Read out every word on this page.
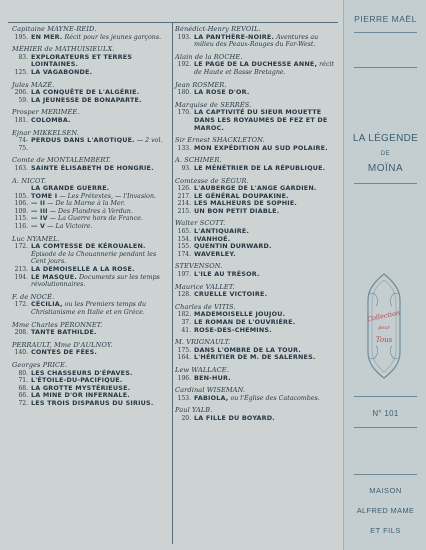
Capitaine MAYNE-REID.
195. EN MER. Récit pour les jeunes garçons.
MÉHIER de MATHUISIEULX.
83. EXPLORATEURS ET TERRES LOINTAINES.
125. LA VAGABONDE.
Jules MAZÉ.
206. LA CONQUÊTE DE L'ALGÉRIE.
59. LA JEUNESSE DE BONAPARTE.
Prosper MERIMÉE.
181. COLOMBA.
Ejnar MIKKELSEN.
74-75.
PERDUS DANS L'AROTIQUE. — 2 vol.
Comte de MONTALEMBERT.
163. SAINTE ÉLISABETH DE HONGRIE.
A. NICOT.
LA GRANDE GUERRE.
105. TOME I — Les Prétextes, — l'Invasion.
106. — II — De la Marne à la Mer.
109. — III — Des Flandres à Verdun.
115. — IV — La Guerre hors de France.
116. — V — La Victoire.
Luc NYAMEL.
172. LA COMTESSE DE KÉROUALEN. Épisode de la Chouannerie pendant les Cent jours.
213. LA DEMOISELLE A LA ROSE.
194. LE MASQUE. Documents sur les temps révolutionnaires.
F. de NOCÉ.
172. CÉCILIA, ou les Premiers temps du Christianisme en Italie et en Grèce.
Mme Charles PÉRONNET.
208. TANTE BATHILDE.
PERRAULT, Mme D'AULNOY.
140. CONTES DE FÉES.
Georges PRICE.
80. LES CHASSEURS D'ÉPAVES.
71. L'ÉTOILE-DU-PACIFIQUE.
68. LA GROTTE MYSTÉRIEUSE.
66. LA MINE D'OR INFERNALE.
72. LES TROIS DISPARUS DU SIRIUS.
Bénédict-Henry REVOIL.
193. LA PANTHÈRE-NOIRE. Aventures au milieu des Peaux-Rouges du Far-West.
Alain de la ROCHE.
192. LE PAGE DE LA DUCHESSE ANNE, récit de Haute et Basse Bretagne.
Jean ROSMER.
180. LA ROSE D'OR.
Marquise de SERRÉS.
170. LA CAPTIVITÉ DU SIEUR MOUETTE DANS LES ROYAUMES DE FEZ ET DE MAROC.
Sir Ernest SHACKLETON.
133. MON EXPÉDITION AU SUD POLAIRE.
A. SCHIMER.
93. LE MÉNÉTRIER DE LA RÉPUBLIQUE.
Comtesse de SÉGUR.
126. L'AUBERGE DE L'ANGE GARDIEN.
217. LE GÉNÉRAL DOUPAKINE.
214. LES MALHEURS DE SOPHIE.
215. UN BON PETIT DIABLE.
Walter SCOTT.
165. L'ANTIQUAIRE.
154. IVANHOÉ.
155. QUENTIN DURWARD.
174. WAVERLEY.
STEVENSON.
197. L'ILE AU TRÉSOR.
Maurice VALLET.
128. CRUELLE VICTOIRE.
Charles de VITIS.
182. MADEMOISELLE JOUJOU.
37. LE ROMAN DE L'OUVRIÈRE.
41. ROSE-DES-CHEMINS.
M. VRIGNAULT.
175. DANS L'OMBRE DE LA TOUR.
164. L'HÉRITIER DE M. DE SALERNES.
Lew WALLACE.
196. BEN-HUR.
Cardinal WISEMAN.
153. FABIOLA, ou l'Église des Catacombes.
Paul YALB.
20. LA FILLE DU BOYARD.
PIERRE MAËL
LA LÉGENDE
DE
MOÏNA
Collection
pour
Tous
N° 101
MAISON
ALFRED MAME
ET FILS
